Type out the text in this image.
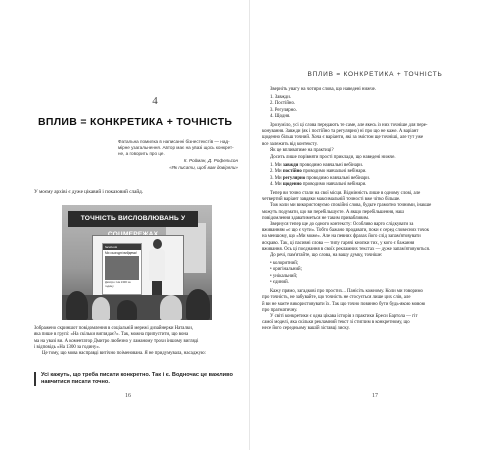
4
ВПЛИВ = КОНКРЕТИКА + ТОЧНІСТЬ
Фатальна помилка в написанні бізнестекстів — над-
мірне узагальнення. Автор має на увазі щось конкрет-
не, а говорить про це.
К. Ройман, Д. Рофельсон
«Як писати, щоб вам довіряли»
У моєму архіві є дуже цікавий і показовий слайд.
ТОЧНІСТЬ ВИСЛОВЛЮВАНЬ У
facebook
Ми сьогодні вийдемо!
Дмитро: На 1300 за годину
Зображено скриншот повідомлення в соціальній мережі дизайнерки Наталки,
яка пише в групі: «На скільки виглядає?». Так, можна припустити, що вона
ма на увазі ви. А коментатор Дмитро любезно у ламаному трохи іншому вигляді
і відповідь «На 1300 за годину».

Це тому, що мова насправді витічно поіменована. Я не придумувала, насаджую:

Усі кажуть, що треба писати конкретно. Так і є. Водночас це важливо навчитися писати точно.
16
ВПЛИВ = КОНКРЕТИКА + ТОЧНІСТЬ

Зверніть увагу на чотири слова, що наведені нижче.

1. Завжди.
2. Постійно.
3. Регулярно.
4. Щодня.
Зрозуміло, усі ці слова передають те саме, але якесь із них точніше для пере-
конування. Завжди (як і постійно та регулярно) ні про що не каже. А варіант
щоденно більш точний. Хоча є варіанти, які за змістом ще точніші, але тут уже
все залежить від контексту.

Як це впливатиме на практиці?

Досить лише порівняти прості приклади, що наведені нижче.

1. Ми завжди проводимо навчальні вебінари.
2. Ми постійно проводимо навчальні вебінари.
3. Ми регулярно проводимо навчальні вебінари.
4. Ми щоденно проводимо навчальні вебінари.
Тепер ви точно стали на свої місця. Відмінність лише в одному слові, але
четвертий варіант завдяки максимальній точності вже чітко більше.
Тож коли ми використовуємо спокійні слова, будьте грамотно точними, інакше
можуть подумати, що ви перебільшуєте. А якщо перебільшення, наш
повідомлення здаватиметься не таким привабливим.
Звернуся тепер ще до одного контексту: Особливо варто слідкувати за
вживанням «є що є чути». Тобто бажано продавати, поки є серед словесних точок
на меншому, що «Ми може». Але на певних фразах його слід запам'ятовувати
яскраво. Так, ці пасивні слова — типу гарячі кнопки тих, у кого є бажання
вживання. Ось ці поєднання в своїх рекламних текстах — дуже запам'ятовуються.

До речі, пам'ятайте, що слова, на вашу думку, точніше:

• колоритний;
• оригінальний;
• унікальний;
• єдиний.
Кажу прямо, загадкові про простих... Панісіть кожному. Коли ми говоримо
про точність, не забувайте, що точність не стосується лише цих слів, але
й ви не маєте використовувати їх. Так що точно повинно бути будь-якою мовою
про прагматичну.
У світі конкретики є одна цікава історія з практики Бреси Бартола — гіт
самої моделі, яка скільки рекламний текст зі стиглим в конкретному, що
несе його середньому вашій зіставці зиску.
17
